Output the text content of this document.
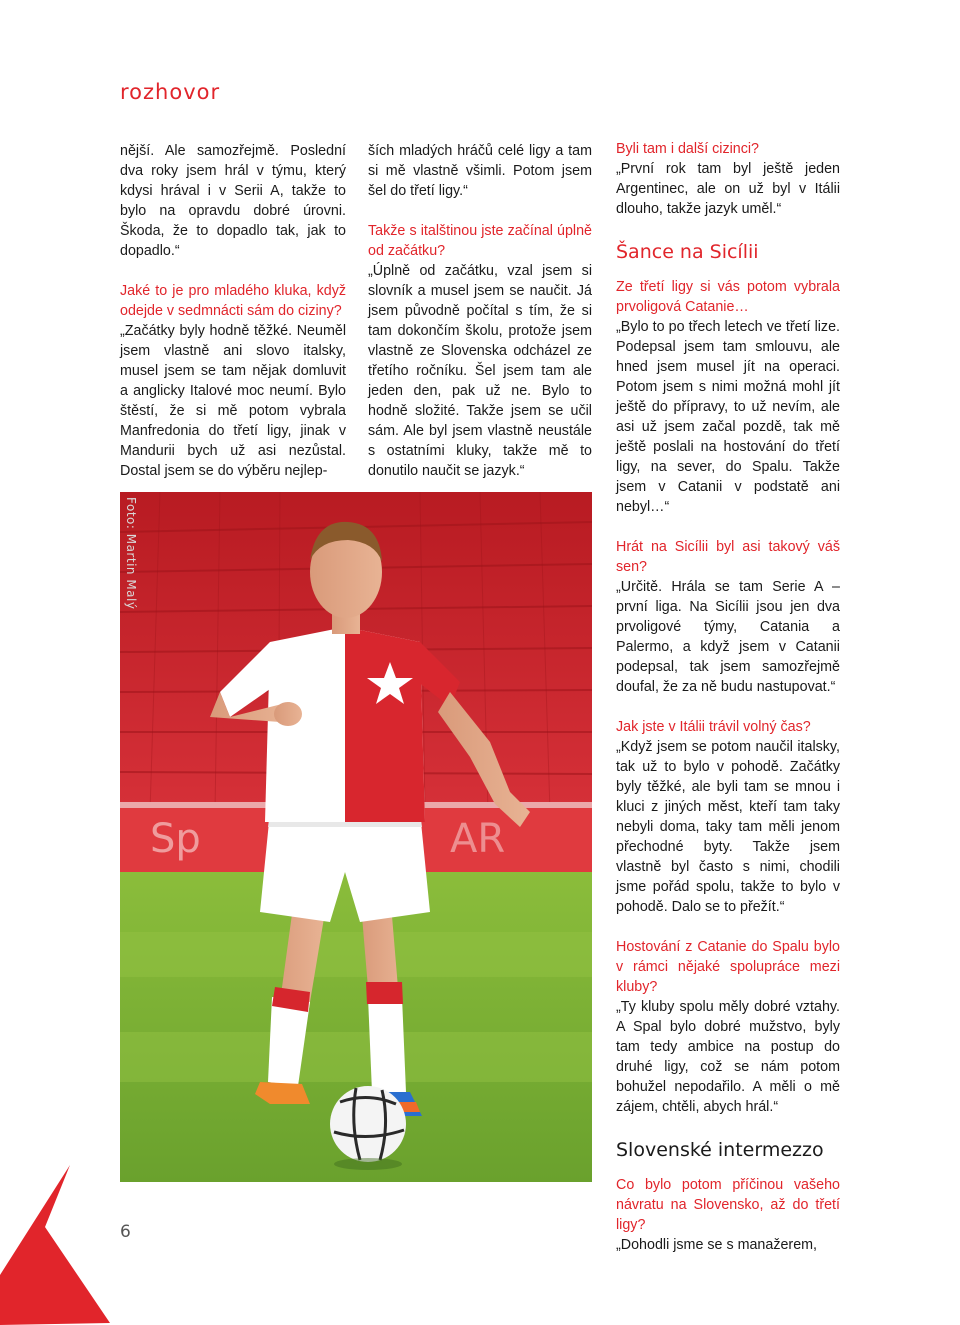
rozhovor

nější. Ale samozřejmě. Poslední dva roky jsem hrál v týmu, který kdysi hrával i v Serii A, takže to bylo na opravdu dobré úrovni. Škoda, že to dopadlo tak, jak to dopadlo.“

Jaké to je pro mladého kluka, když odejde v sedmnácti sám do ciziny?

„Začátky byly hodně těžké. Neuměl jsem vlastně ani slovo italsky, musel jsem se tam nějak domluvit a anglicky Italové moc neumí. Bylo štěstí, že si mě potom vybrala Manfredonia do třetí ligy, jinak v Mandurii bych už asi nezůstal. Dostal jsem se do výběru nejlep-

ších mladých hráčů celé ligy a tam si mě vlastně všimli. Potom jsem šel do třetí ligy.“

Takže s italštinou jste začínal úplně od začátku?

„Úplně od začátku, vzal jsem si slovník a musel jsem se naučit. Já jsem původně počítal s tím, že si tam dokončím školu, protože jsem vlastně ze Slovenska odcházel ze třetího ročníku. Šel jsem tam ale jeden den, pak už ne. Bylo to hodně složité. Takže jsem se učil sám. Ale byl jsem vlastně neustále s ostatními kluky, takže mě to donutilo naučit se jazyk.“

Byli tam i další cizinci?

„První rok tam byl ještě jeden Argentinec, ale on už byl v Itálii dlouho, takže jazyk uměl.“

Šance na Sicílii

Ze třetí ligy si vás potom vybrala prvoligová Catanie…

„Bylo to po třech letech ve třetí lize. Podepsal jsem tam smlouvu, ale hned jsem musel jít na operaci. Potom jsem s nimi možná mohl jít ještě do přípravy, to už nevím, ale asi už jsem začal pozdě, tak mě ještě poslali na hostování do třetí ligy, na sever, do Spalu. Takže jsem v Catanii v podstatě ani nebyl…“

Hrát na Sicílii byl asi takový váš sen?

„Určitě. Hrála se tam Serie A – první liga. Na Sicílii jsou jen dva prvoligové týmy, Catania a Palermo, a když jsem v Catanii podepsal, tak jsem samozřejmě doufal, že za ně budu nastupovat.“

Jak jste v Itálii trávil volný čas?

„Když jsem se potom naučil italsky, tak už to bylo v pohodě. Začátky byly těžké, ale byli tam se mnou i kluci z jiných měst, kteří tam taky nebyli doma, taky tam měli jenom přechodné byty. Takže jsem vlastně byl často s nimi, chodili jsme pořád spolu, takže to bylo v pohodě. Dalo se to přežít.“

Hostování z Catanie do Spalu bylo v rámci nějaké spolupráce mezi kluby?

„Ty kluby spolu měly dobré vztahy. A Spal bylo dobré mužstvo, byly tam tedy ambice na postup do druhé ligy, což se nám potom bohužel nepodařilo. A měli o mě zájem, chtěli, abych hrál.“

Slovenské intermezzo

Co bylo potom příčinou vašeho návratu na Slovensko, až do třetí ligy?

„Dohodli jsme se s manažerem,

Sp	AR
Foto: Martin Malý
6
